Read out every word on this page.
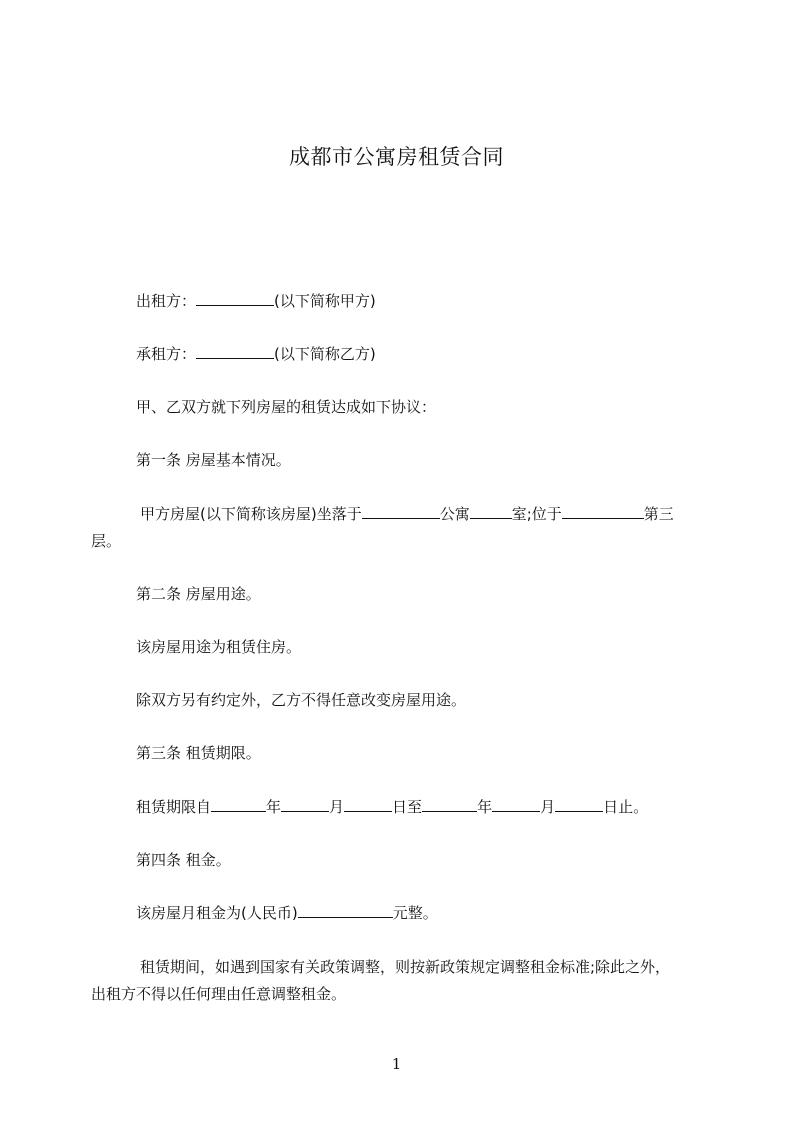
成都市公寓房租赁合同
出租方：	(以下简称甲方)
承租方：	(以下简称乙方)
甲、乙双方就下列房屋的租赁达成如下协议：
第一条 房屋基本情况。
甲方房屋(以下简称该房屋)坐落于	公寓	室;位于	第三
层。
第二条 房屋用途。
该房屋用途为租赁住房。
除双方另有约定外，乙方不得任意改变房屋用途。
第三条 租赁期限。
租赁期限自	年	月	日至	年	月	日止。
第四条 租金。
该房屋月租金为(人民币)	元整。
租赁期间，如遇到国家有关政策调整，则按新政策规定调整租金标准;除此之外，
出租方不得以任何理由任意调整租金。
1
